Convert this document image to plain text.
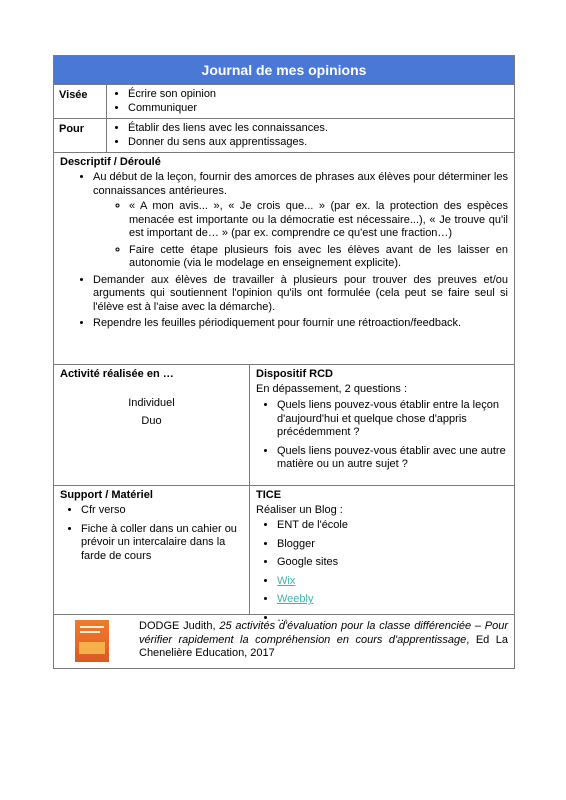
Journal de mes opinions
Visée	• Écrire son opinion
• Communiquer
Pour	• Établir des liens avec les connaissances.
• Donner du sens aux apprentissages.
Descriptif / Déroulé
• Au début de la leçon, fournir des amorces de phrases aux élèves pour déterminer les connaissances antérieures.
◦ « A mon avis... », « Je crois que... » (par ex. la protection des espèces menacée est importante ou la démocratie est nécessaire...), « Je trouve qu'il est important de… » (par ex. comprendre ce qu'est une fraction…)
◦ Faire cette étape plusieurs fois avec les élèves avant de les laisser en autonomie (via le modelage en enseignement explicite).
• Demander aux élèves de travailler à plusieurs pour trouver des preuves et/ou arguments qui soutiennent l'opinion qu'ils ont formulée (cela peut se faire seul si l'élève est à l'aise avec la démarche).
• Rependre les feuilles périodiquement pour fournir une rétroaction/feedback.
Activité réalisée en …
Individuel
Duo
Dispositif RCD
En dépassement, 2 questions :
• Quels liens pouvez-vous établir entre la leçon d'aujourd'hui et quelque chose d'appris précédemment ?
• Quels liens pouvez-vous établir avec une autre matière ou un autre sujet ?
Support / Matériel
• Cfr verso
• Fiche à coller dans un cahier ou prévoir un intercalaire dans la farde de cours
TICE
Réaliser un Blog :
• ENT de l'école
• Blogger
• Google sites
• Wix
• Weebly
• …
DODGE Judith, 25 activités d'évaluation pour la classe différenciée – Pour vérifier rapidement la compréhension en cours d'apprentissage, Ed La Chenelière Education, 2017
